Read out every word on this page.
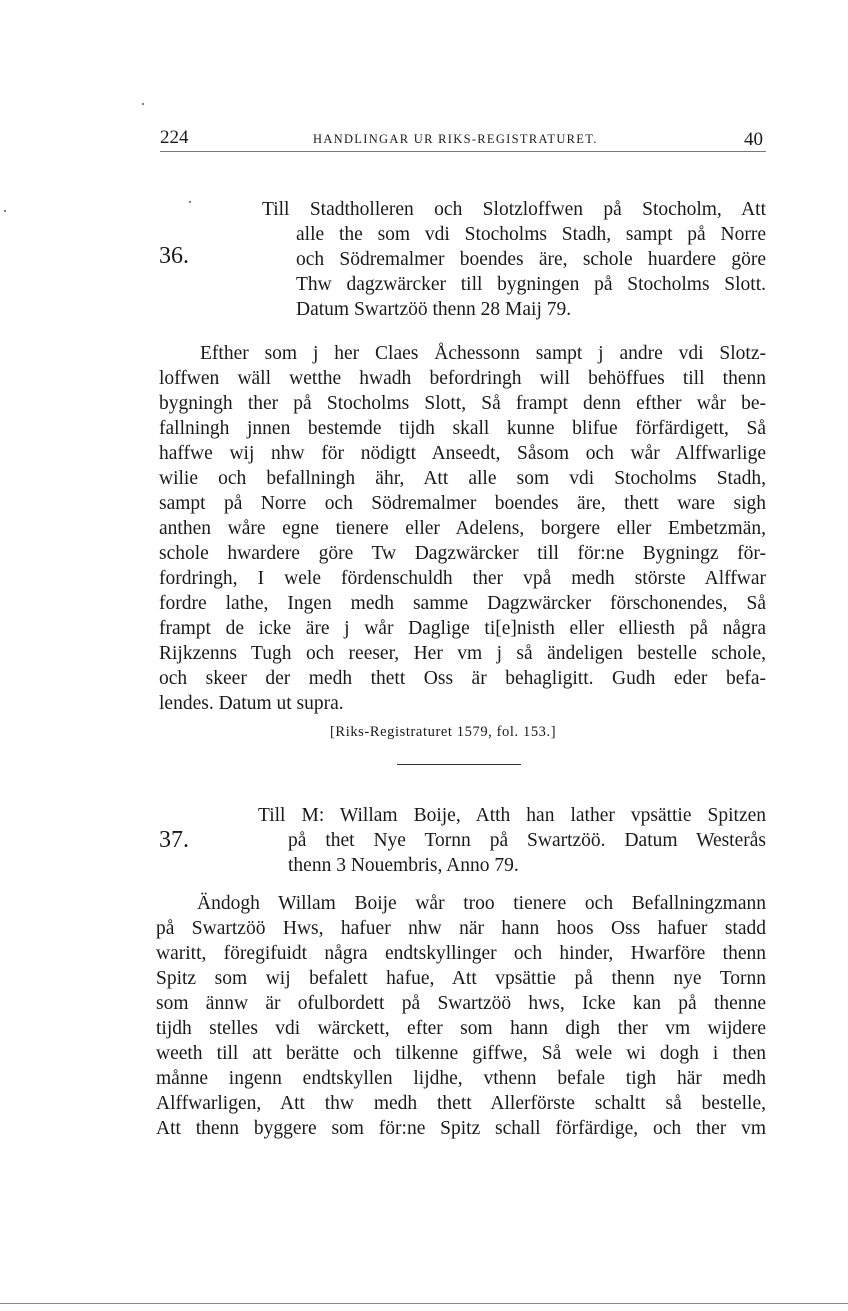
224	HANDLINGAR UR RIKS-REGISTRATURET.	40
36.
Till Stadtholleren och Slotzloffwen på Stocholm, Att
alle the som vdi Stocholms Stadh, sampt på Norre
och Södremalmer boendes äre, schole huardere göre
Thw dagzwärcker till bygningen på Stocholms Slott.
Datum Swartzöö thenn 28 Maij 79.
Efther som j her Claes Åchessonn sampt j andre vdi Slotz-
loffwen wäll wetthe hwadh befordringh will behöffues till thenn
bygningh ther på Stocholms Slott, Så frampt denn efther wår be-
fallningh jnnen bestemde tijdh skall kunne blifue förfärdigett, Så
haffwe wij nhw för nödigtt Anseedt, Såsom och wår Alffwarlige
wilie och befallningh ähr, Att alle som vdi Stocholms Stadh,
sampt på Norre och Södremalmer boendes äre, thett ware sigh
anthen wåre egne tienere eller Adelens, borgere eller Embetzmän,
schole hwardere göre Tw Dagzwärcker till för:ne Bygningz för-
fordringh, I wele fördenschuldh ther vpå medh störste Alffwar
fordre lathe, Ingen medh samme Dagzwärcker förschonendes, Så
frampt de icke äre j wår Daglige ti[e]nisth eller elliesth på några
Rijkzenns Tugh och reeser, Her vm j så ändeligen bestelle schole,
och skeer der medh thett Oss är behagligitt. Gudh eder befa-
lendes. Datum ut supra.
[Riks-Registraturet 1579, fol. 153.]
37.
Till M: Willam Boije, Atth han lather vpsättie Spitzen
på thet Nye Tornn på Swartzöö. Datum Westerås
thenn 3 Nouembris, Anno 79.
Ändogh Willam Boije wår troo tienere och Befallningzmann
på Swartzöö Hws, hafuer nhw när hann hoos Oss hafuer stadd
waritt, föregifuidt några endtskyllinger och hinder, Hwarföre thenn
Spitz som wij befalett hafue, Att vpsättie på thenn nye Tornn
som ännw är ofulbordett på Swartzöö hws, Icke kan på thenne
tijdh stelles vdi wärckett, efter som hann digh ther vm wijdere
weeth till att berätte och tilkenne giffwe, Så wele wi dogh i then
månne ingenn endtskyllen lijdhe, vthenn befale tigh här medh
Alffwarligen, Att thw medh thett Allerförste schaltt så bestelle,
Att thenn byggere som för:ne Spitz schall förfärdige, och ther vm
